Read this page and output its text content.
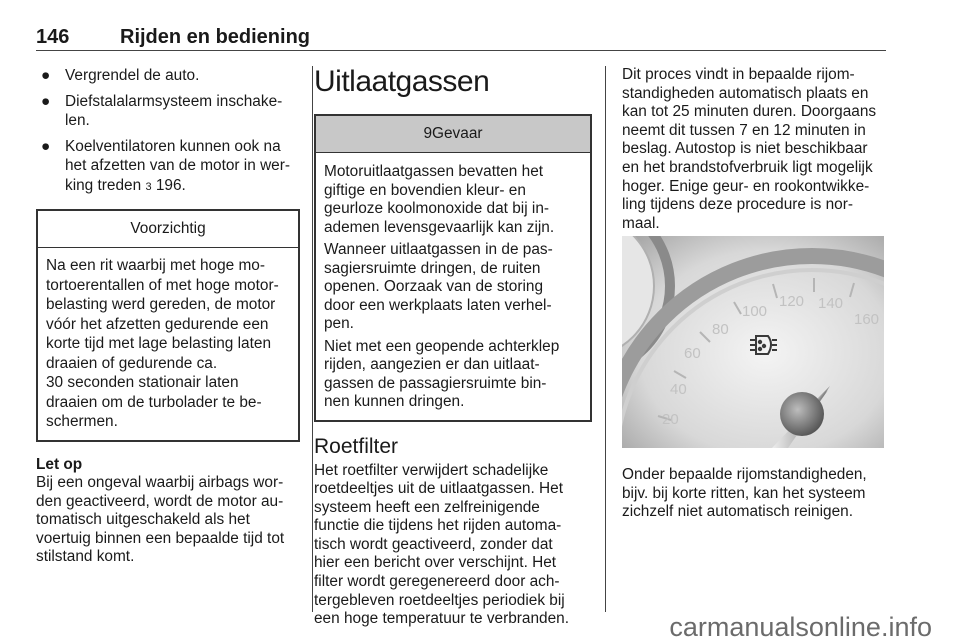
146	Rijden en bediening
● Vergrendel de auto.
● Diefstalalarmsysteem inschake-
len.
● Koelventilatoren kunnen ook na
het afzetten van de motor in wer-
king treden 3 196.
Voorzichtig
Na een rit waarbij met hoge mo-
tortoerentallen of met hoge motor-
belasting werd gereden, de motor
vóór het afzetten gedurende een
korte tijd met lage belasting laten
draaien of gedurende ca.
30 seconden stationair laten
draaien om de turbolader te be-
schermen.
Let op
Bij een ongeval waarbij airbags wor-
den geactiveerd, wordt de motor au-
tomatisch uitgeschakeld als het
voertuig binnen een bepaalde tijd tot
stilstand komt.
Uitlaatgassen
9Gevaar

Motoruitlaatgassen bevatten het
giftige en bovendien kleur- en
geurloze koolmonoxide dat bij in-
ademen levensgevaarlijk kan zijn.

Wanneer uitlaatgassen in de pas-
sagiersruimte dringen, de ruiten
openen. Oorzaak van de storing
door een werkplaats laten verhel-
pen.

Niet met een geopende achterklep
rijden, aangezien er dan uitlaat-
gassen de passagiersruimte bin-
nen kunnen dringen.

Roetfilter
Het roetfilter verwijdert schadelijke
roetdeeltjes uit de uitlaatgassen. Het
systeem heeft een zelfreinigende
functie die tijdens het rijden automa-
tisch wordt geactiveerd, zonder dat
hier een bericht over verschijnt. Het
filter wordt geregenereerd door ach-
tergebleven roetdeeltjes periodiek bij
een hoge temperatuur te verbranden.
Dit proces vindt in bepaalde rijom-
standigheden automatisch plaats en
kan tot 25 minuten duren. Doorgaans
neemt dit tussen 7 en 12 minuten in
beslag. Autostop is niet beschikbaar
en het brandstofverbruik ligt mogelijk
hoger. Enige geur- en rookontwikke-
ling tijdens deze procedure is nor-
maal.
20
40
60
80
100
120 140
160
Onder bepaalde rijomstandigheden,
bijv. bij korte ritten, kan het systeem
zichzelf niet automatisch reinigen.
carmanualsonline.info
